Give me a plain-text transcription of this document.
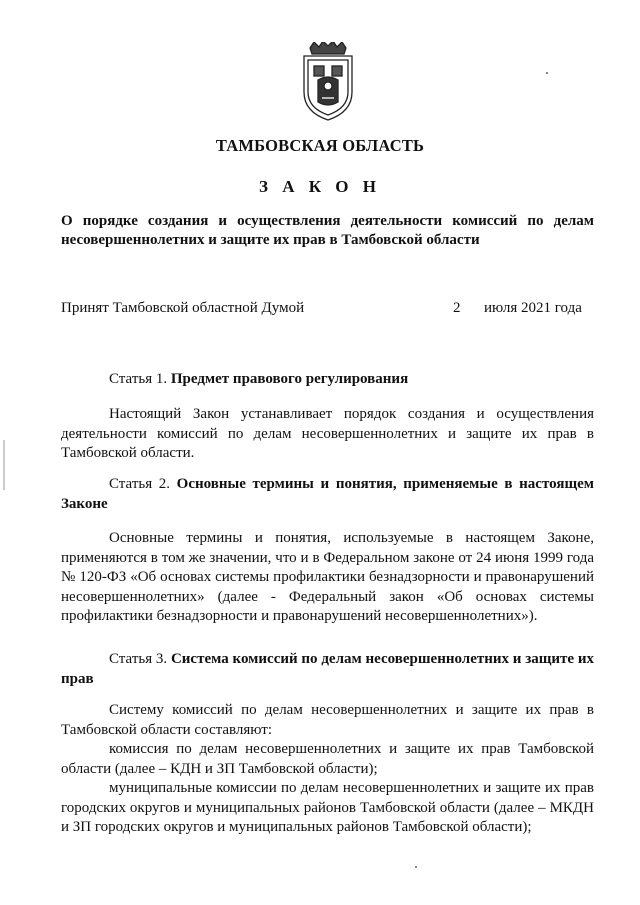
ТАМБОВСКАЯ ОБЛАСТЬ
З А К О Н
О порядке создания и осуществления деятельности комиссий по делам несовершеннолетних и защите их прав в Тамбовской области
Принят Тамбовской областной Думой	2 июля 2021 года
Статья 1. Предмет правового регулирования

Настоящий Закон устанавливает порядок создания и осуществления деятельности комиссий по делам несовершеннолетних и защите их прав в Тамбовской области.

Статья 2. Основные термины и понятия, применяемые в настоящем Законе

Основные термины и понятия, используемые в настоящем Законе, применяются в том же значении, что и в Федеральном законе от 24 июня 1999 года № 120-ФЗ «Об основах системы профилактики безнадзорности и правонарушений несовершеннолетних» (далее - Федеральный закон «Об основах системы профилактики безнадзорности и правонарушений несовершеннолетних»).

Статья 3. Система комиссий по делам несовершеннолетних и защите их прав

Систему комиссий по делам несовершеннолетних и защите их прав в Тамбовской области составляют:

комиссия по делам несовершеннолетних и защите их прав Тамбовской области (далее – КДН и ЗП Тамбовской области);

муниципальные комиссии по делам несовершеннолетних и защите их прав городских округов и муниципальных районов Тамбовской области (далее – МКДН и ЗП городских округов и муниципальных районов Тамбовской области);
